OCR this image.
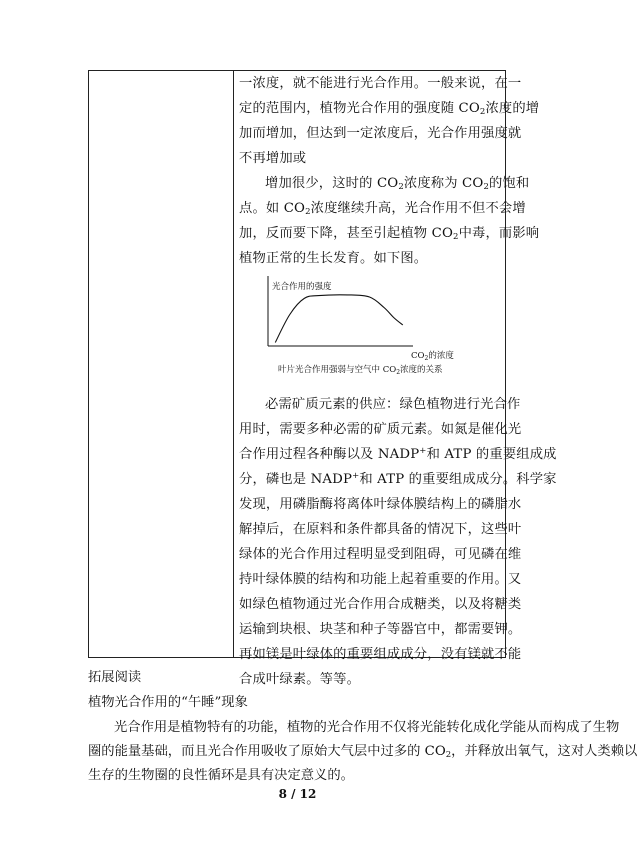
一浓度，就不能进行光合作用。一般来说，在一
定的范围内，植物光合作用的强度随 $CO_2$浓度的增
加而增加，但达到一定浓度后，光合作用强度就
不再增加或
增加很少，这时的 $CO_2$浓度称为 $CO_2$的饱和
点。如 $CO_2$浓度继续升高，光合作用不但不会增
加，反而要下降，甚至引起植物 $CO_2$中毒，而影响
植物正常的生长发育。如下图。
必需矿质元素的供应：绿色植物进行光合作
用时，需要多种必需的矿质元素。如氮是催化光
合作用过程各种酶以及 NADP+和 ATP 的重要组成成
分，磷也是 NADP+和 ATP 的重要组成成分。科学家
发现，用磷脂酶将离体叶绿体膜结构上的磷脂水
解掉后，在原料和条件都具备的情况下，这些叶
绿体的光合作用过程明显受到阻碍，可见磷在维
持叶绿体膜的结构和功能上起着重要的作用。又
如绿色植物通过光合作用合成糖类，以及将糖类
运输到块根、块茎和种子等器官中，都需要钾。
再如镁是叶绿体的重要组成成分，没有镁就不能
合成叶绿素。等等。
光合作用的强度
$CO_2$的浓度
叶片光合作用强弱与空气中 $CO_2$浓度的关系
拓展阅读
植物光合作用的“午睡”现象
光合作用是植物特有的功能，植物的光合作用不仅将光能转化成化学能从而构成了生物
圈的能量基础，而且光合作用吸收了原始大气层中过多的 $CO_2$，并释放出氧气，这对人类赖以
生存的生物圈的良性循环是具有决定意义的。
8 / 12
